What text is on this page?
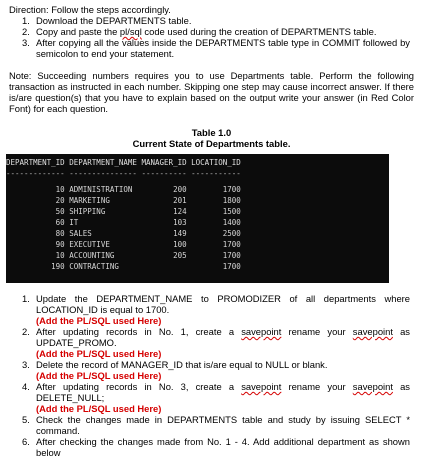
Direction: Follow the steps accordingly.
1. Download the DEPARTMENTS table.
2. Copy and paste the pl/sql code used during the creation of DEPARTMENTS table.
3. After copying all the values inside the DEPARTMENTS table type in COMMIT followed by semicolon to end your statement.
Note: Succeeding numbers requires you to use Departments table. Perform the following transaction as instructed in each number. Skipping one step may cause incorrect answer. If there is/are question(s) that you have to explain based on the output write your answer (in Red Color Font) for each question.
Table 1.0
Current State of Departments table.

DEPARTMENT_ID DEPARTMENT_NAME MANAGER_ID LOCATION_ID

------------- --------------- ---------- -----------

10 ADMINISTRATION         200        1700

20 MARKETING              201        1800

50 SHIPPING               124        1500

60 IT                     103        1400

80 SALES                  149        2500

90 EXECUTIVE              100        1700

10 ACCOUNTING             205        1700

190 CONTRACTING                       1700

1. Update the DEPARTMENT_NAME to PROMODIZER of all departments where LOCATION_ID is equal to 1700.
(Add the PL/SQL used Here)
2. After updating records in No. 1, create a savepoint rename your savepoint as UPDATE_PROMO.
(Add the PL/SQL used Here)
3. Delete the record of MANAGER_ID that is/are equal to NULL or blank.
(Add the PL/SQL used Here)
4. After updating records in No. 3, create a savepoint rename your savepoint as DELETE_NULL;
(Add the PL/SQL used Here)
5. Check the changes made in DEPARTMENTS table and study by issuing SELECT * command.
6. After checking the changes made from No. 1 - 4. Add additional department as shown below
